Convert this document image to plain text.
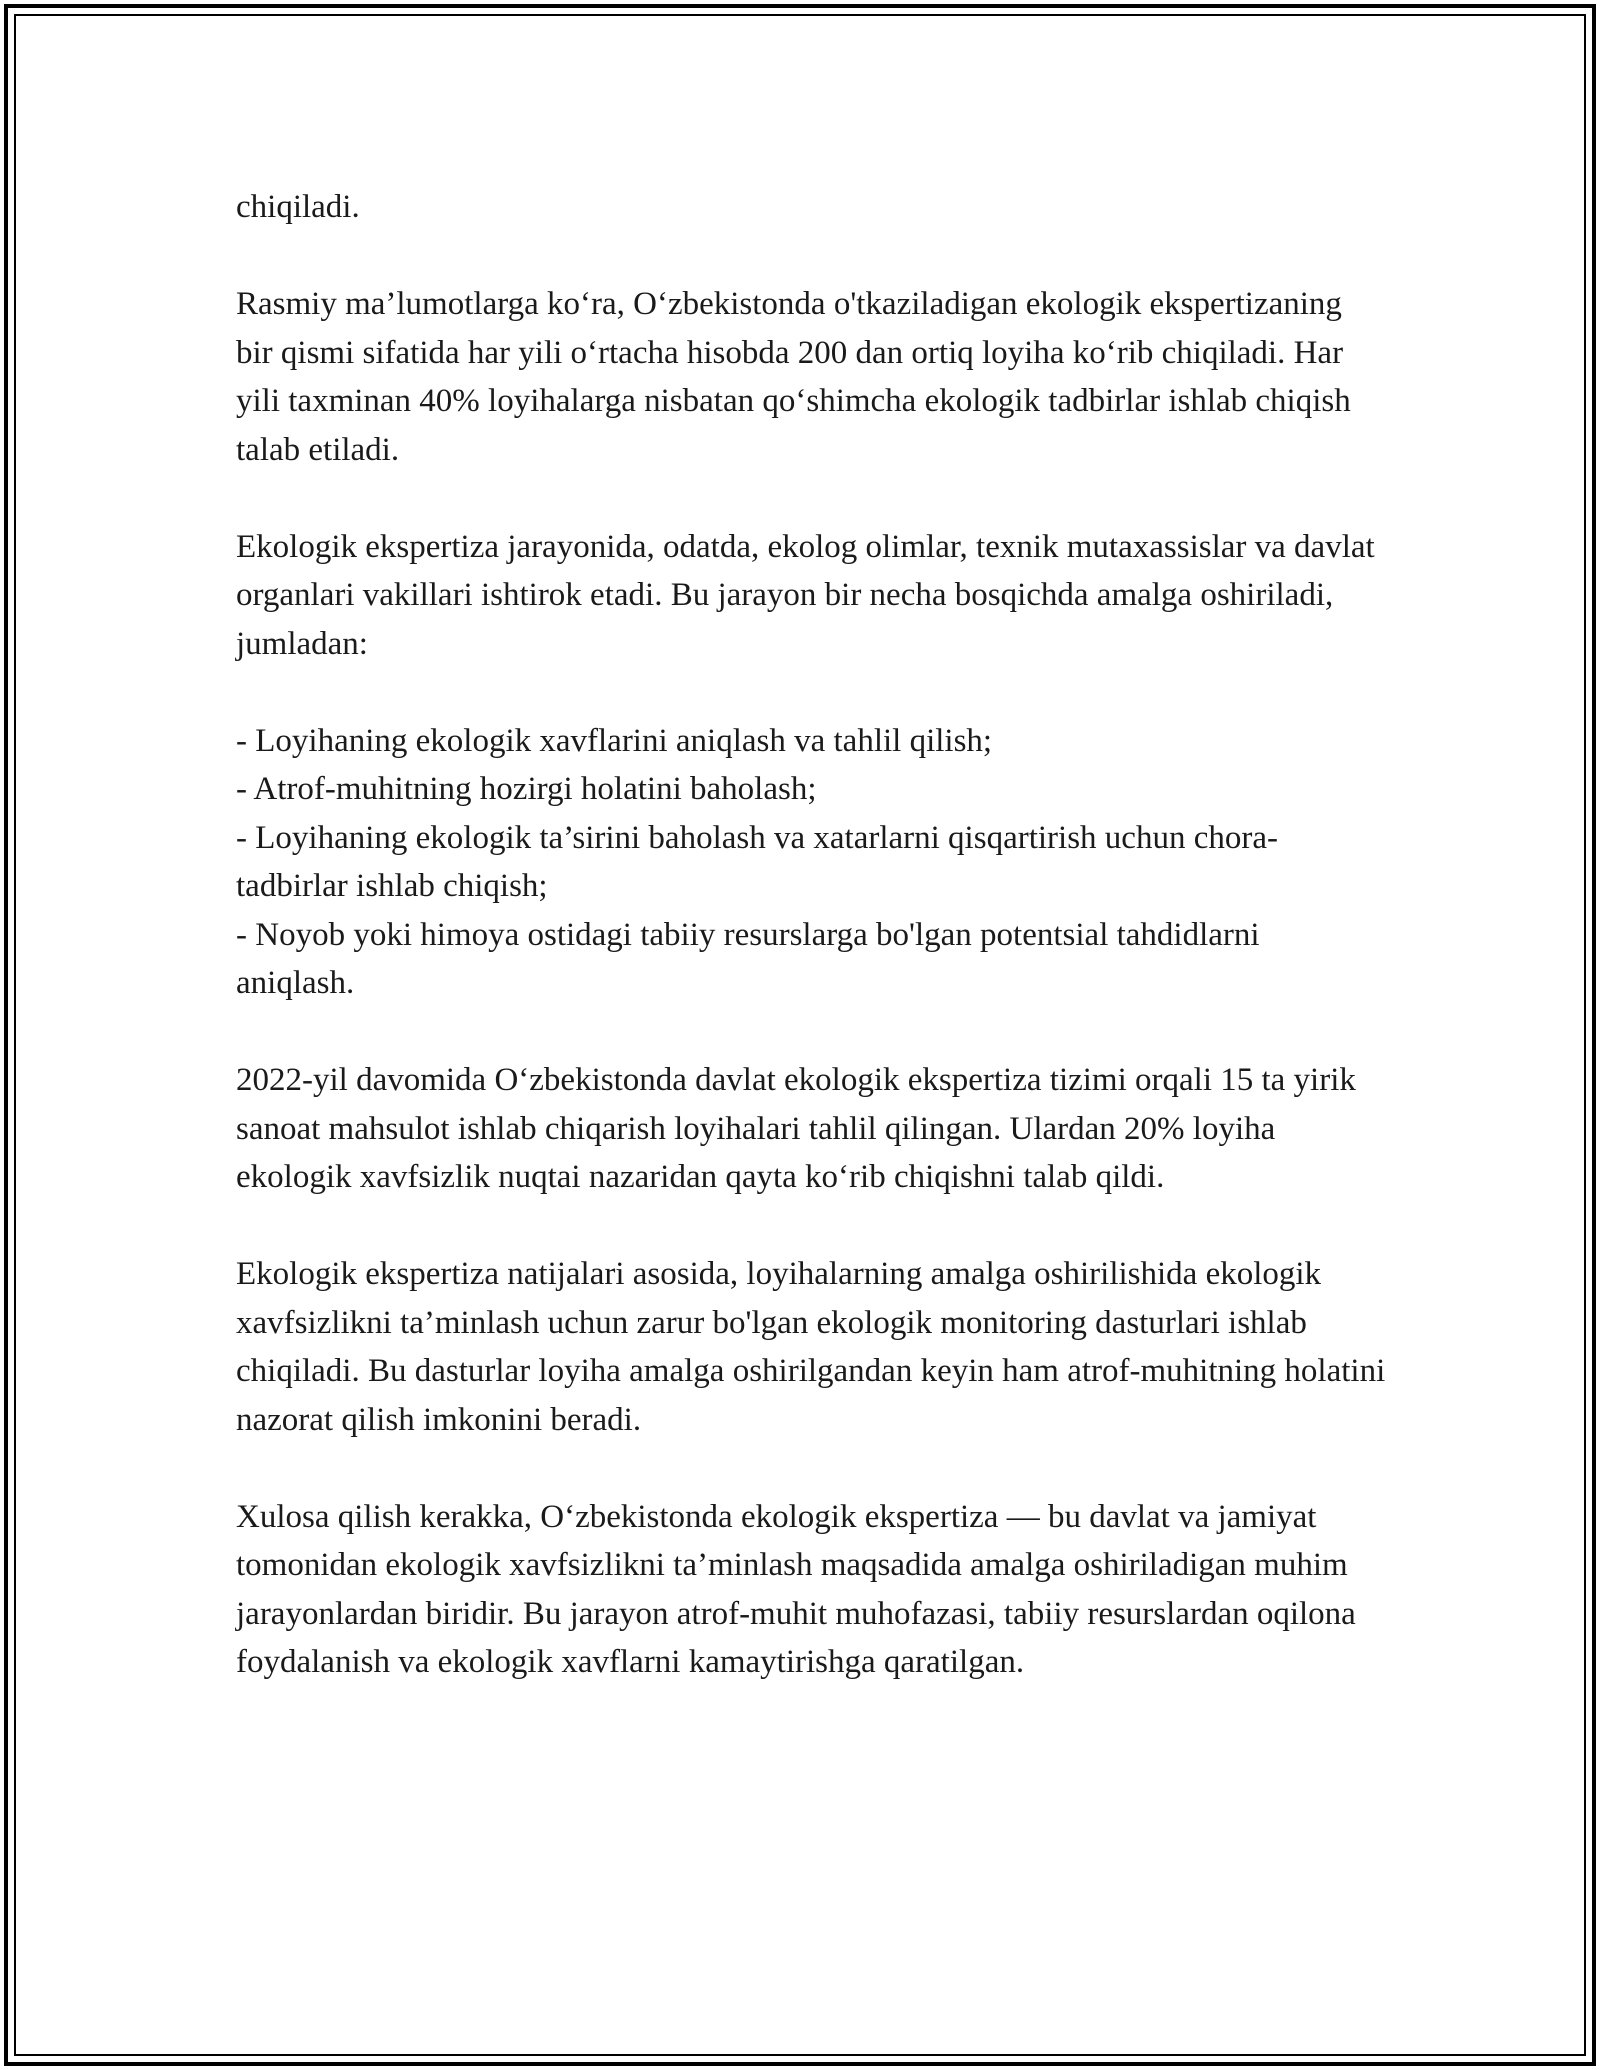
chiqiladi.

Rasmiy ma’lumotlarga ko‘ra, O‘zbekistonda o'tkaziladigan ekologik ekspertizaning bir qismi sifatida har yili o‘rtacha hisobda 200 dan ortiq loyiha ko‘rib chiqiladi. Har yili taxminan 40% loyihalarga nisbatan qo‘shimcha ekologik tadbirlar ishlab chiqish talab etiladi.

Ekologik ekspertiza jarayonida, odatda, ekolog olimlar, texnik mutaxassislar va davlat organlari vakillari ishtirok etadi. Bu jarayon bir necha bosqichda amalga oshiriladi, jumladan:

- Loyihaning ekologik xavflarini aniqlash va tahlil qilish;
- Atrof-muhitning hozirgi holatini baholash;
- Loyihaning ekologik ta’sirini baholash va xatarlarni qisqartirish uchun chora-tadbirlar ishlab chiqish;
- Noyob yoki himoya ostidagi tabiiy resurslarga bo'lgan potentsial tahdidlarni aniqlash.

2022-yil davomida O‘zbekistonda davlat ekologik ekspertiza tizimi orqali 15 ta yirik sanoat mahsulot ishlab chiqarish loyihalari tahlil qilingan. Ulardan 20% loyiha ekologik xavfsizlik nuqtai nazaridan qayta ko‘rib chiqishni talab qildi.

Ekologik ekspertiza natijalari asosida, loyihalarning amalga oshirilishida ekologik xavfsizlikni ta’minlash uchun zarur bo'lgan ekologik monitoring dasturlari ishlab chiqiladi. Bu dasturlar loyiha amalga oshirilgandan keyin ham atrof-muhitning holatini nazorat qilish imkonini beradi.

Xulosa qilish kerakka, O‘zbekistonda ekologik ekspertiza — bu davlat va jamiyat tomonidan ekologik xavfsizlikni ta’minlash maqsadida amalga oshiriladigan muhim jarayonlardan biridir. Bu jarayon atrof-muhit muhofazasi, tabiiy resurslardan oqilona foydalanish va ekologik xavflarni kamaytirishga qaratilgan.
